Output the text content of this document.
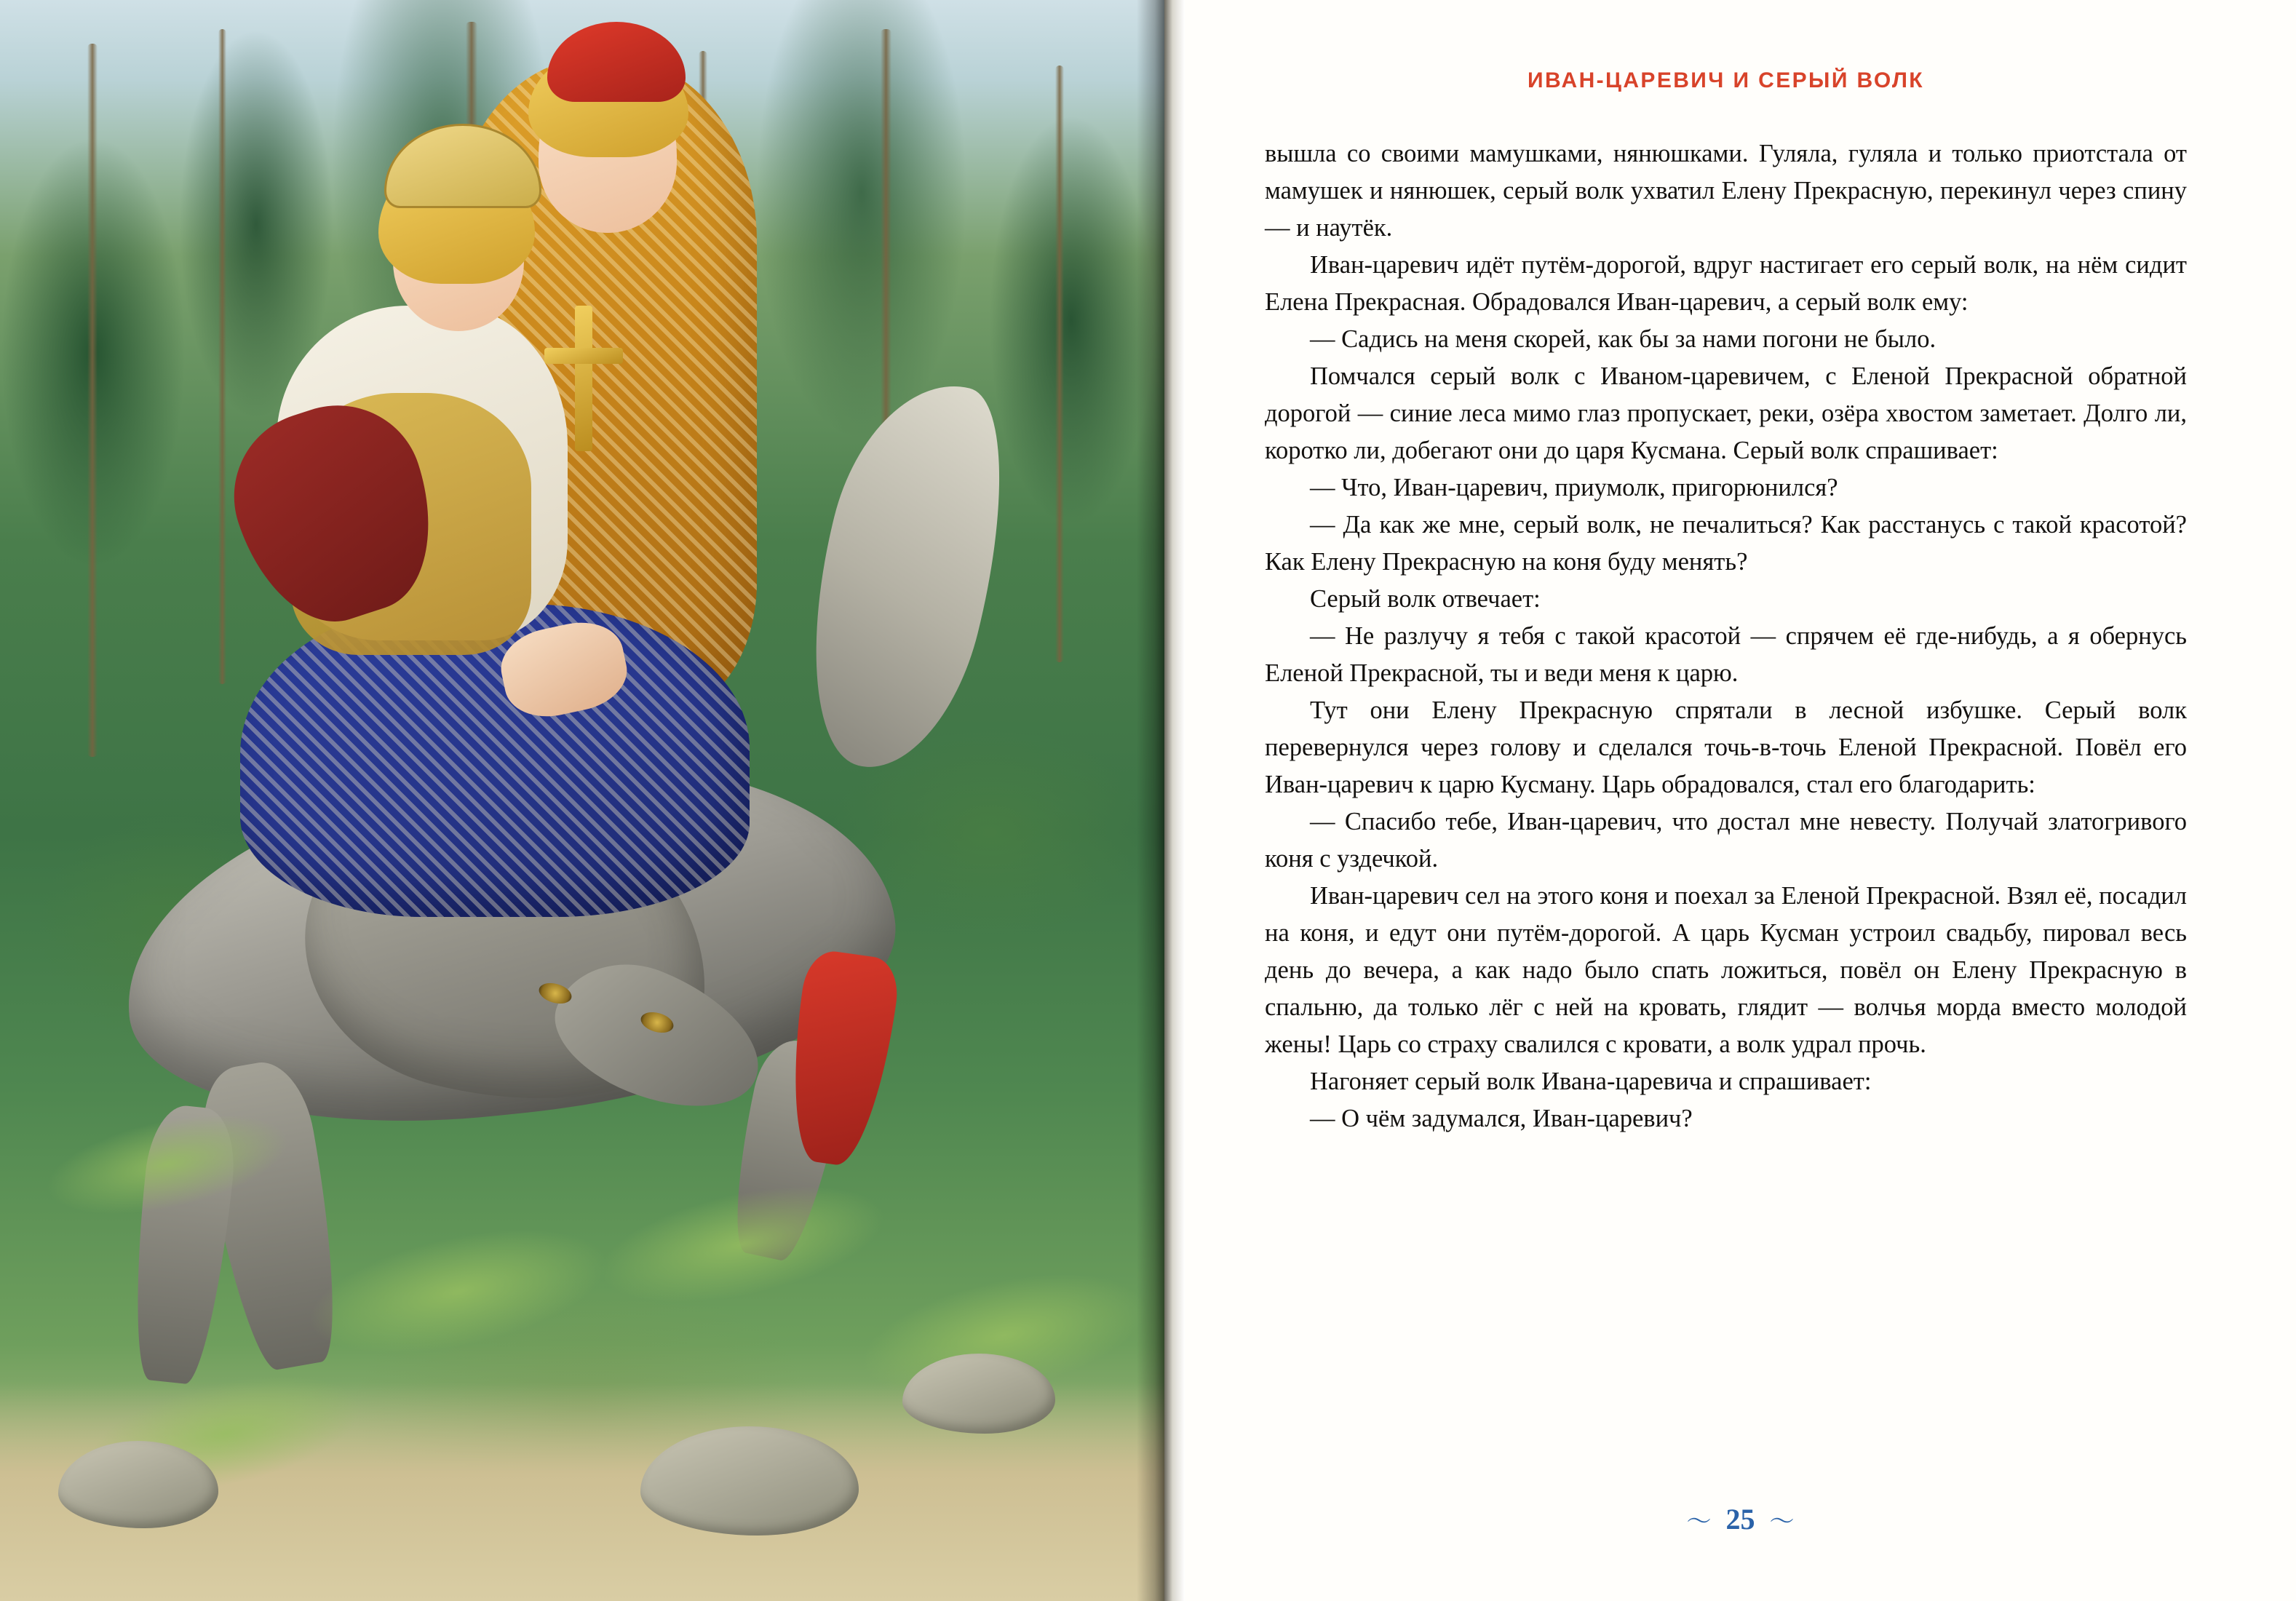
ИВАН-ЦАРЕВИЧ И СЕРЫЙ ВОЛК

вышла со своими мамушками, нянюшками. Гуляла, гуляла и только приотстала от мамушек и нянюшек, серый волк ухватил Елену Прекрасную, перекинул через спину — и наутёк.

Иван-царевич идёт путём-дорогой, вдруг настигает его серый волк, на нём сидит Елена Прекрасная. Обрадовался Иван-царевич, а серый волк ему:

— Садись на меня скорей, как бы за нами погони не было.

Помчался серый волк с Иваном-царевичем, с Еленой Прекрасной обратной дорогой — синие леса мимо глаз пропускает, реки, озёра хвостом заметает. Долго ли, коротко ли, добегают они до царя Кусмана. Серый волк спрашивает:

— Что, Иван-царевич, приумолк, пригорюнился?

— Да как же мне, серый волк, не печалиться? Как расстанусь с такой красотой? Как Елену Прекрасную на коня буду менять?

Серый волк отвечает:

— Не разлучу я тебя с такой красотой — спрячем её где-нибудь, а я обернусь Еленой Прекрасной, ты и веди меня к царю.

Тут они Елену Прекрасную спрятали в лесной избушке. Серый волк перевернулся через голову и сделался точь-в-точь Еленой Прекрасной. Повёл его Иван-царевич к царю Кусману. Царь обрадовался, стал его благодарить:

— Спасибо тебе, Иван-царевич, что достал мне невесту. Получай златогривого коня с уздечкой.

Иван-царевич сел на этого коня и поехал за Еленой Прекрасной. Взял её, посадил на коня, и едут они путём-дорогой. А царь Кусман устроил свадьбу, пировал весь день до вечера, а как надо было спать ложиться, повёл он Елену Прекрасную в спальню, да только лёг с ней на кровать, глядит — волчья морда вместо молодой жены! Царь со страху свалился с кровати, а волк удрал прочь.

Нагоняет серый волк Ивана-царевича и спрашивает:

— О чём задумался, Иван-царевич?

〜 25 〜
